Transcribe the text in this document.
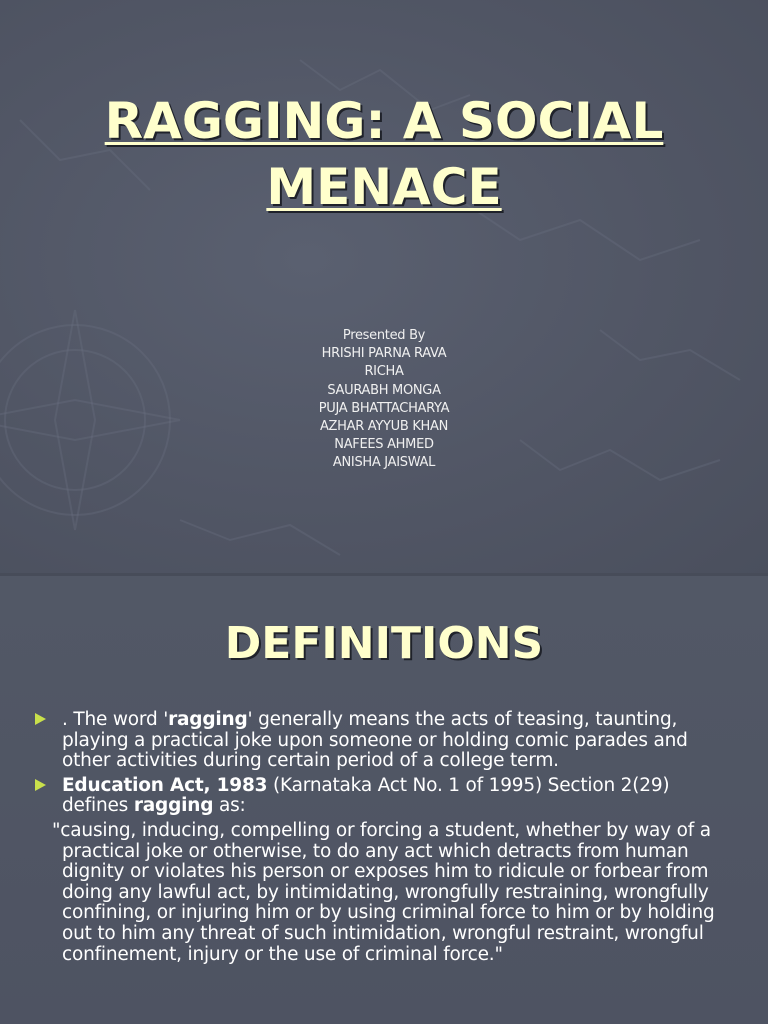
RAGGING: A SOCIAL
MENACE
Presented By
HRISHI PARNA RAVA
RICHA
SAURABH MONGA
PUJA BHATTACHARYA
AZHAR AYYUB KHAN
NAFEES AHMED
ANISHA JAISWAL
DEFINITIONS
. The word 'ragging' generally means the acts of teasing, taunting, playing a practical joke upon someone or holding comic parades and other activities during certain period of a college term.
Education Act, 1983 (Karnataka Act No. 1 of 1995) Section 2(29) defines ragging as:
"causing, inducing, compelling or forcing a student, whether by way of a practical joke or otherwise, to do any act which detracts from human dignity or violates his person or exposes him to ridicule or forbear from doing any lawful act, by intimidating, wrongfully restraining, wrongfully confining, or injuring him or by using criminal force to him or by holding out to him any threat of such intimidation, wrongful restraint, wrongful confinement, injury or the use of criminal force."
